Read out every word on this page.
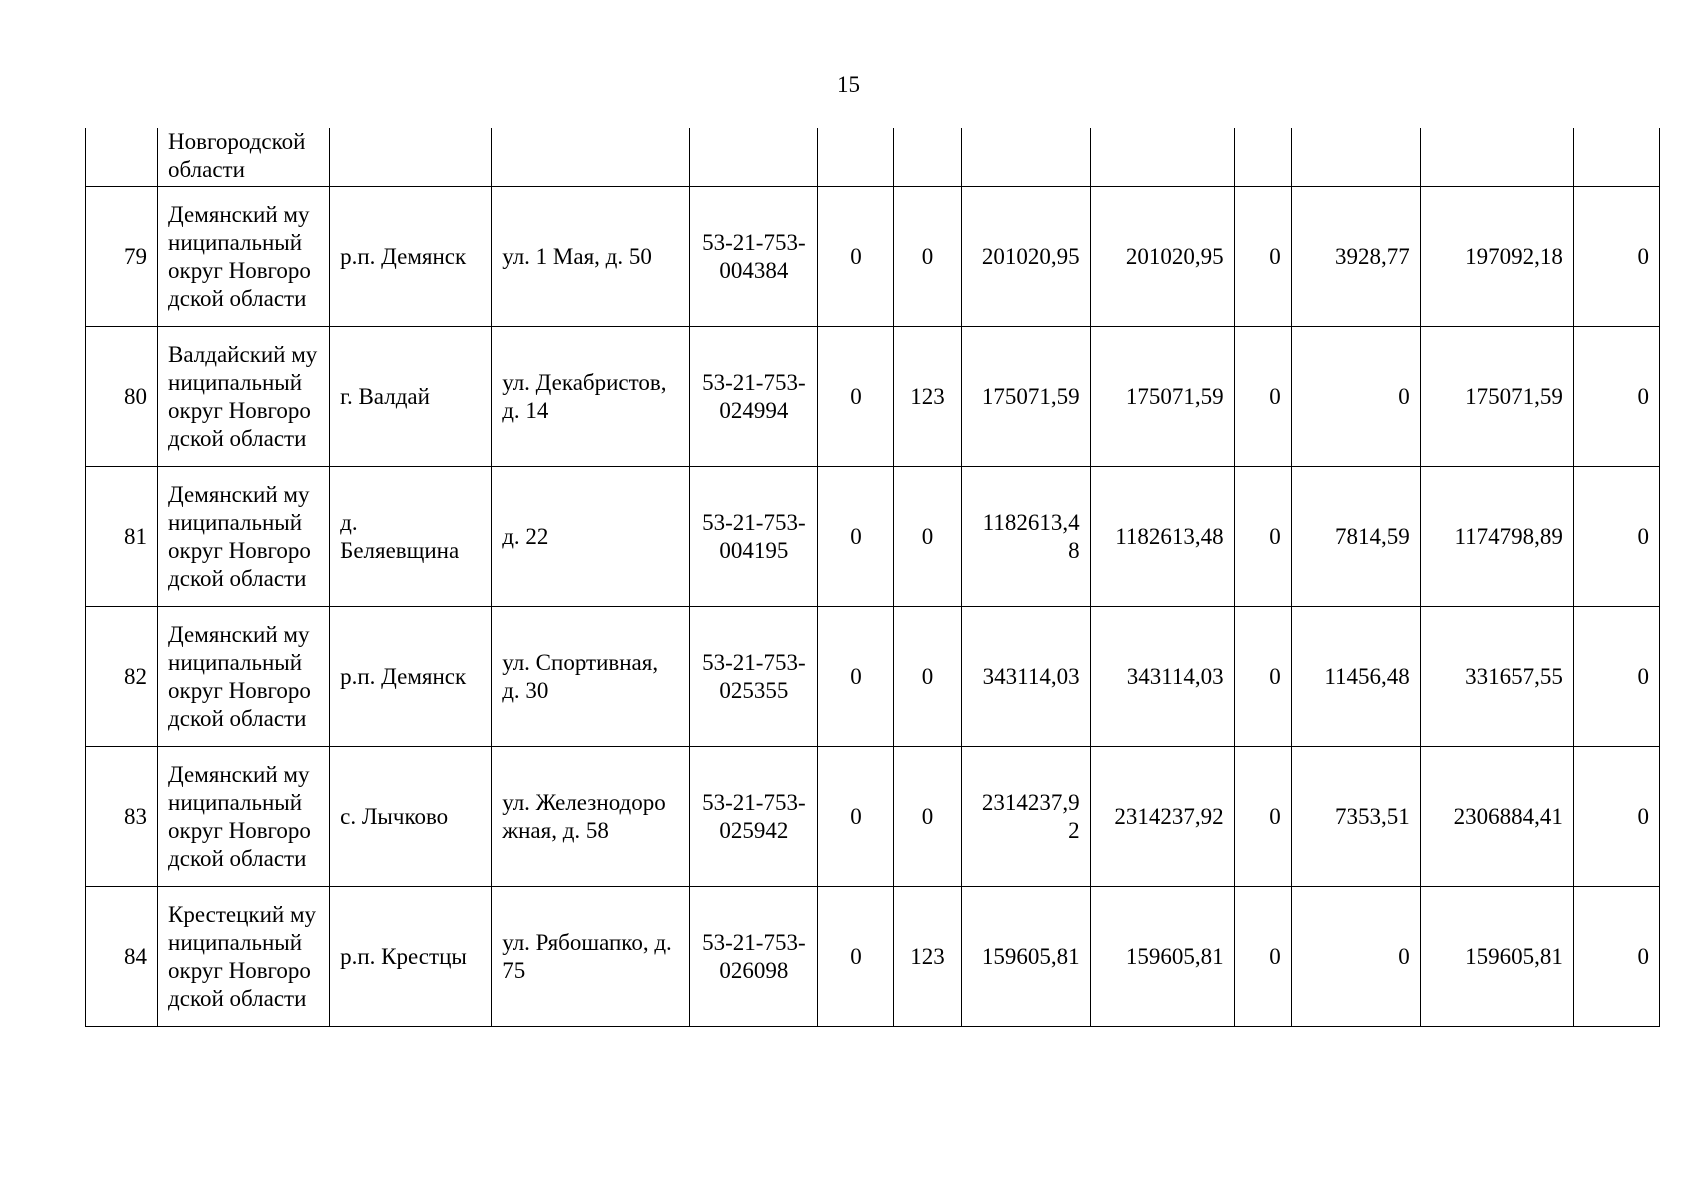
15
	Новгородской области											
79	Демянский муниципальный округ Новгородской области	р.п. Демянск	ул. 1 Мая, д. 50	53-21-753-004384	0	0	201020,95	201020,95	0	3928,77	197092,18	0
80	Валдайский муниципальный округ Новгородской области	г. Валдай	ул. Декабристов, д. 14	53-21-753-024994	0	123	175071,59	175071,59	0	0	175071,59	0
81	Демянский муниципальный округ Новгородской области	д. Беляевщина	д. 22	53-21-753-004195	0	0	1182613,48	1182613,48	0	7814,59	1174798,89	0
82	Демянский муниципальный округ Новгородской области	р.п. Демянск	ул. Спортивная, д. 30	53-21-753-025355	0	0	343114,03	343114,03	0	11456,48	331657,55	0
83	Демянский муниципальный округ Новгородской области	с. Лычково	ул. Железнодорожная, д. 58	53-21-753-025942	0	0	2314237,92	2314237,92	0	7353,51	2306884,41	0
84	Крестецкий муниципальный округ Новгородской области	р.п. Крестцы	ул. Рябошапко, д. 75	53-21-753-026098	0	123	159605,81	159605,81	0	0	159605,81	0
